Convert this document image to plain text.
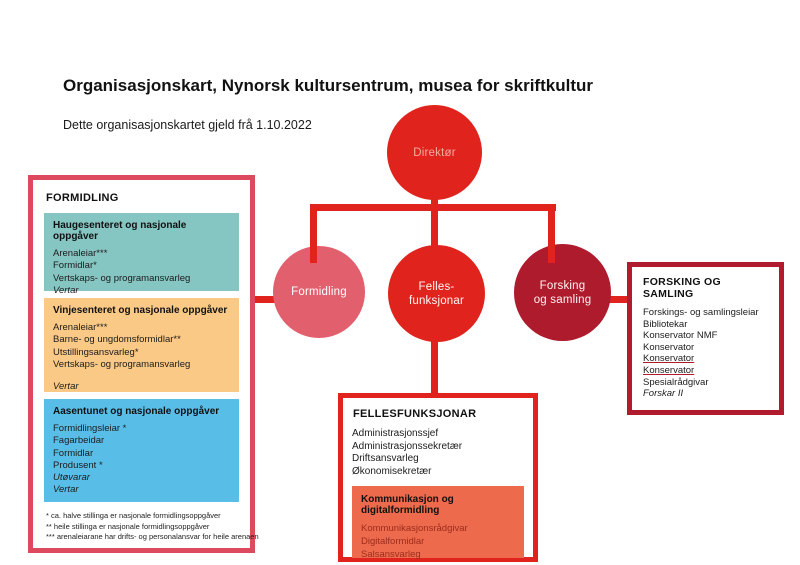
Organisasjonskart, Nynorsk kultursentrum, musea for skriftkultur
Dette organisasjonskartet gjeld frå 1.10.2022
Direktør
Formidling	Felles-
funksjonar
Forsking
og samling
FORMIDLING
Haugesenteret og nasjonale oppgåver
Arenaleiar***
Formidlar*
Vertskaps- og programansvarleg
Vertar
Vinjesenteret og nasjonale oppgåver
Arenaleiar***
Barne- og ungdomsformidlar**
Utstillingsansvarleg*
Vertskaps- og programansvarleg
Vertar
Aasentunet og nasjonale oppgåver
Formidlingsleiar *
Fagarbeidar
Formidlar
Produsent *
Utøvarar
Vertar
* ca. halve stillinga er nasjonale formidlingsoppgåver
** heile stillinga er nasjonale formidlingsoppgåver
*** arenaleiarane har drifts- og personalansvar for heile arenaen
FORSKING OG SAMLING
Forskings- og samlingsleiar
Bibliotekar
Konservator NMF
Konservator
Konservator
Konservator
Spesialrådgivar
Forskar II
FELLESFUNKSJONAR
Administrasjonssjef
Administrasjonssekretær
Driftsansvarleg
Økonomisekretær
Kommunikasjon og digitalformidling
Kommunikasjonsrådgivar
Digitalformidlar
Salsansvarleg
